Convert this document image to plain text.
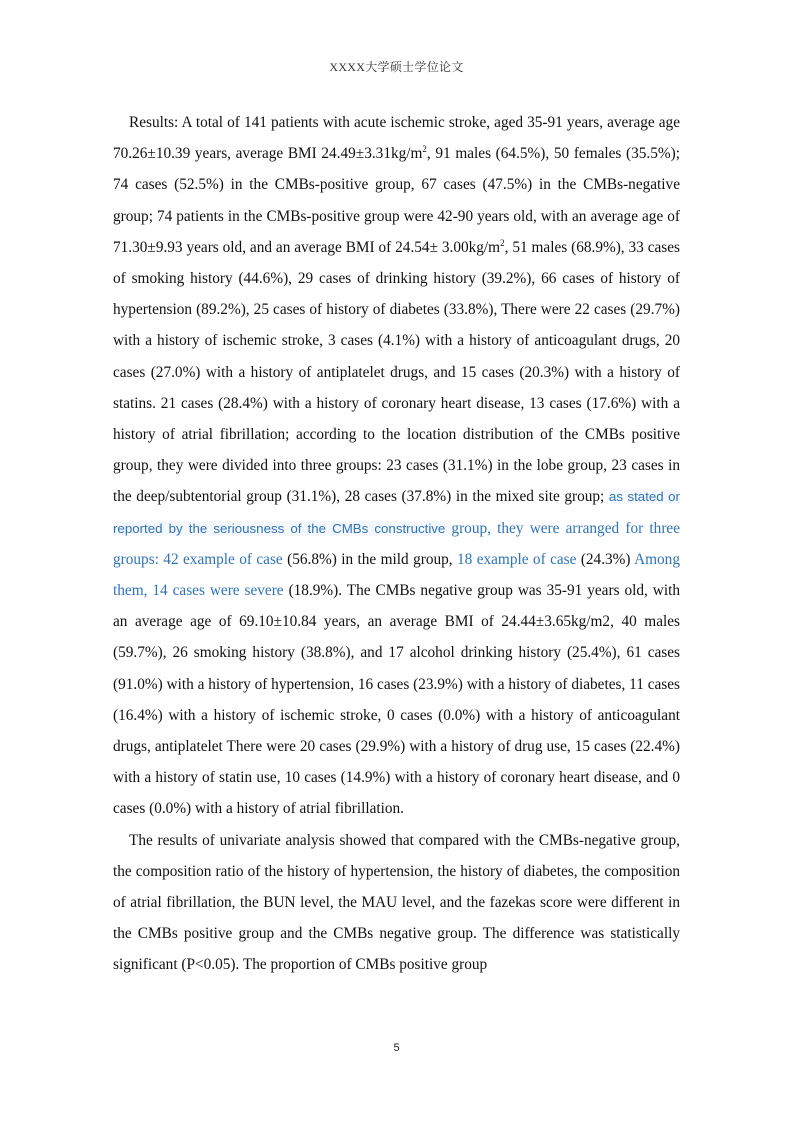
XXXX大学硕士学位论文

Results: A total of 141 patients with acute ischemic stroke, aged 35-91 years, average age 70.26±10.39 years, average BMI $24.49\pm 3.31kg/m^2$, 91 males (64.5%), 50 females (35.5%); 74 cases (52.5%) in the CMBs-positive group, 67 cases (47.5%) in the CMBs-negative group; 74 patients in the CMBs-positive group were 42-90 years old, with an average age of 71.30±9.93 years old, and an average BMI of $24.54\pm 3.00kg/m^2$, 51 males (68.9%), 33 cases of smoking history (44.6%), 29 cases of drinking history (39.2%), 66 cases of history of hypertension (89.2%), 25 cases of history of diabetes (33.8%), There were 22 cases (29.7%) with a history of ischemic stroke, 3 cases (4.1%) with a history of anticoagulant drugs, 20 cases (27.0%) with a history of antiplatelet drugs, and 15 cases (20.3%) with a history of statins. 21 cases (28.4%) with a history of coronary heart disease, 13 cases (17.6%) with a history of atrial fibrillation; according to the location distribution of the CMBs positive group, they were divided into three groups: 23 cases (31.1%) in the lobe group, 23 cases in the deep/subtentorial group (31.1%), 28 cases (37.8%) in the mixed site group; as stated or reported by the seriousness of the CMBs constructive group, they were arranged for three groups: 42 example of case (56.8%) in the mild group, 18 example of case (24.3%) Among them, 14 cases were severe (18.9%). The CMBs negative group was 35-91 years old, with an average age of 69.10±10.84 years, an average BMI of 24.44±3.65kg/m2, 40 males (59.7%), 26 smoking history (38.8%), and 17 alcohol drinking history (25.4%), 61 cases (91.0%) with a history of hypertension, 16 cases (23.9%) with a history of diabetes, 11 cases (16.4%) with a history of ischemic stroke, 0 cases (0.0%) with a history of anticoagulant drugs, antiplatelet There were 20 cases (29.9%) with a history of drug use, 15 cases (22.4%) with a history of statin use, 10 cases (14.9%) with a history of coronary heart disease, and 0 cases (0.0%) with a history of atrial fibrillation.

The results of univariate analysis showed that compared with the CMBs-negative group, the composition ratio of the history of hypertension, the history of diabetes, the composition of atrial fibrillation, the BUN level, the MAU level, and the fazekas score were different in the CMBs positive group and the CMBs negative group. The difference was statistically significant (P<0.05). The proportion of CMBs positive group

5
